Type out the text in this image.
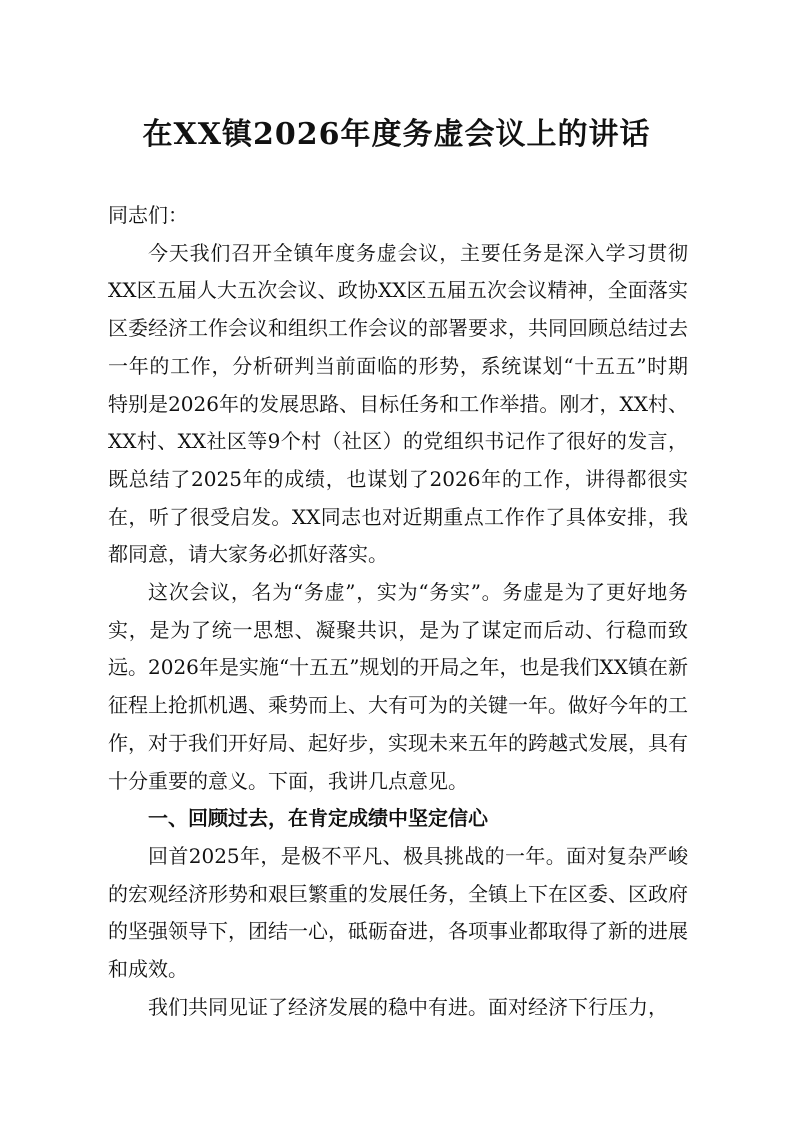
在XX镇2026年度务虚会议上的讲话

同志们：

今天我们召开全镇年度务虚会议，主要任务是深入学习贯彻XX区五届人大五次会议、政协XX区五届五次会议精神，全面落实区委经济工作会议和组织工作会议的部署要求，共同回顾总结过去一年的工作，分析研判当前面临的形势，系统谋划“十五五”时期特别是2026年的发展思路、目标任务和工作举措。刚才，XX村、XX村、XX社区等9个村（社区）的党组织书记作了很好的发言，既总结了2025年的成绩，也谋划了2026年的工作，讲得都很实在，听了很受启发。XX同志也对近期重点工作作了具体安排，我都同意，请大家务必抓好落实。

这次会议，名为“务虚”，实为“务实”。务虚是为了更好地务实，是为了统一思想、凝聚共识，是为了谋定而后动、行稳而致远。2026年是实施“十五五”规划的开局之年，也是我们XX镇在新征程上抢抓机遇、乘势而上、大有可为的关键一年。做好今年的工作，对于我们开好局、起好步，实现未来五年的跨越式发展，具有十分重要的意义。下面，我讲几点意见。

一、回顾过去，在肯定成绩中坚定信心

回首2025年，是极不平凡、极具挑战的一年。面对复杂严峻的宏观经济形势和艰巨繁重的发展任务，全镇上下在区委、区政府的坚强领导下，团结一心，砥砺奋进，各项事业都取得了新的进展和成效。

我们共同见证了经济发展的稳中有进。面对经济下行压力，
